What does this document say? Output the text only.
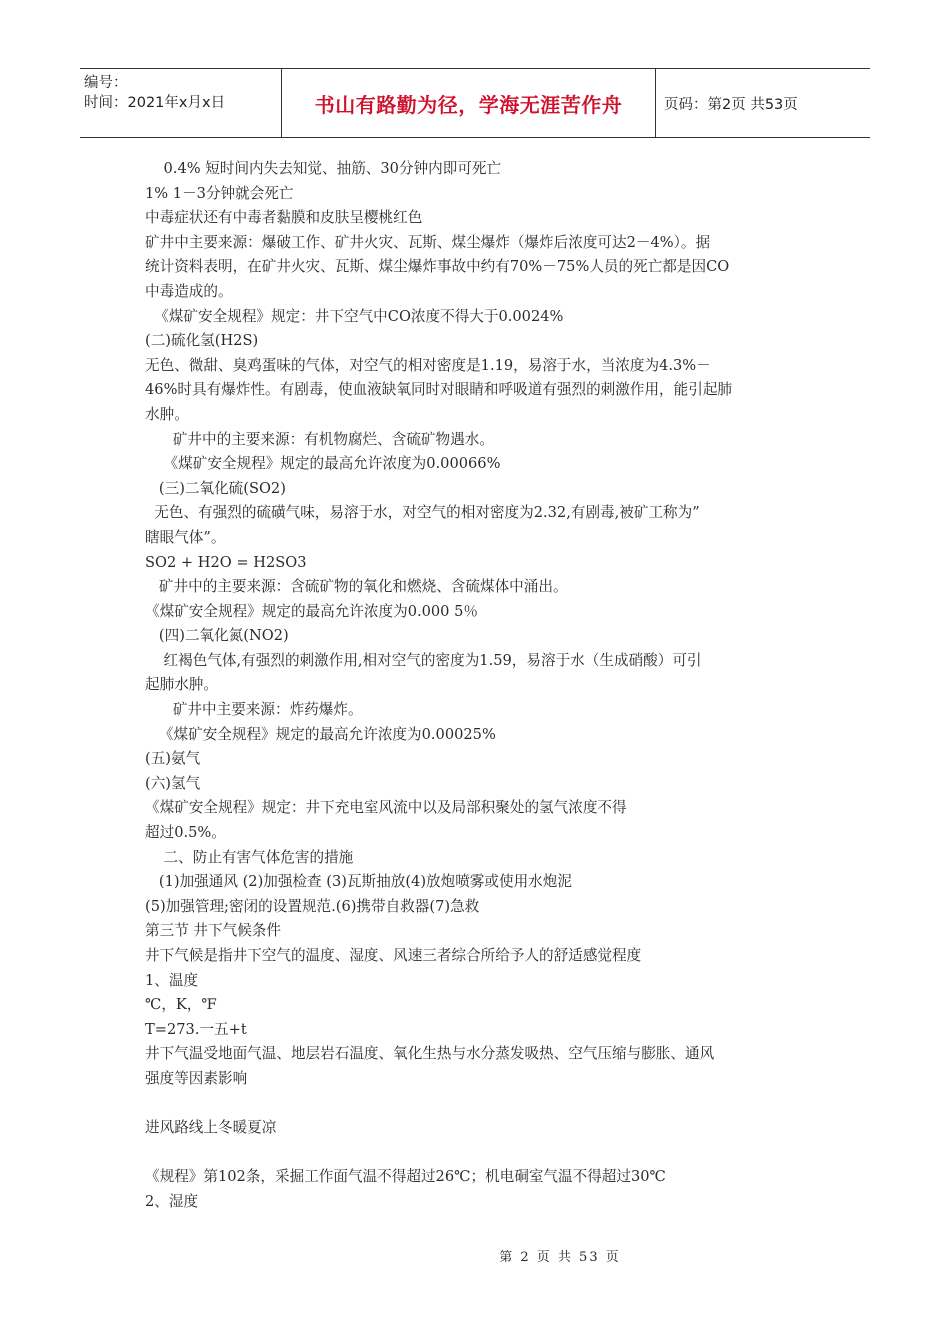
编号：
时间：2021年x月x日	书山有路勤为径，学海无涯苦作舟	页码：第2页 共53页
0.4% 短时间内失去知觉、抽筋、30分钟内即可死亡
1% 1－3分钟就会死亡
中毒症状还有中毒者黏膜和皮肤呈樱桃红色
矿井中主要来源：爆破工作、矿井火灾、瓦斯、煤尘爆炸（爆炸后浓度可达2－4%）。据
统计资料表明，在矿井火灾、瓦斯、煤尘爆炸事故中约有70%－75%人员的死亡都是因CO
中毒造成的。
《煤矿安全规程》规定：井下空气中CO浓度不得大于0.0024%
(二)硫化氢(H2S)
无色、微甜、臭鸡蛋味的气体，对空气的相对密度是1.19，易溶于水，当浓度为4.3%－
46%时具有爆炸性。有剧毒，使血液缺氧同时对眼睛和呼吸道有强烈的刺激作用，能引起肺
水肿。
矿井中的主要来源：有机物腐烂、含硫矿物遇水。
《煤矿安全规程》规定的最高允许浓度为0.00066%
(三)二氧化硫(SO2)
无色、有强烈的硫磺气味，易溶于水，对空气的相对密度为2.32,有剧毒,被矿工称为”
瞎眼气体”。
SO2 + H2O = H2SO3
矿井中的主要来源：含硫矿物的氧化和燃烧、含硫煤体中涌出。
《煤矿安全规程》规定的最高允许浓度为0.000 5％
(四)二氧化氮(NO2)
红褐色气体,有强烈的刺激作用,相对空气的密度为1.59，易溶于水（生成硝酸）可引
起肺水肿。
矿井中主要来源：炸药爆炸。
《煤矿安全规程》规定的最高允许浓度为0.00025%
(五)氨气
(六)氢气
《煤矿安全规程》规定：井下充电室风流中以及局部积聚处的氢气浓度不得
超过0.5%。
二、防止有害气体危害的措施
(1)加强通风 (2)加强检查 (3)瓦斯抽放(4)放炮喷雾或使用水炮泥
(5)加强管理;密闭的设置规范.(6)携带自救器(7)急救
第三节 井下气候条件
井下气候是指井下空气的温度、湿度、风速三者综合所给予人的舒适感觉程度
1、温度
℃，K，℉
T=273.一五+t
井下气温受地面气温、地层岩石温度、氧化生热与水分蒸发吸热、空气压缩与膨胀、通风
强度等因素影响
进风路线上冬暖夏凉
《规程》第102条，采掘工作面气温不得超过26℃；机电硐室气温不得超过30℃
2、湿度
第 2 页 共 53 页
